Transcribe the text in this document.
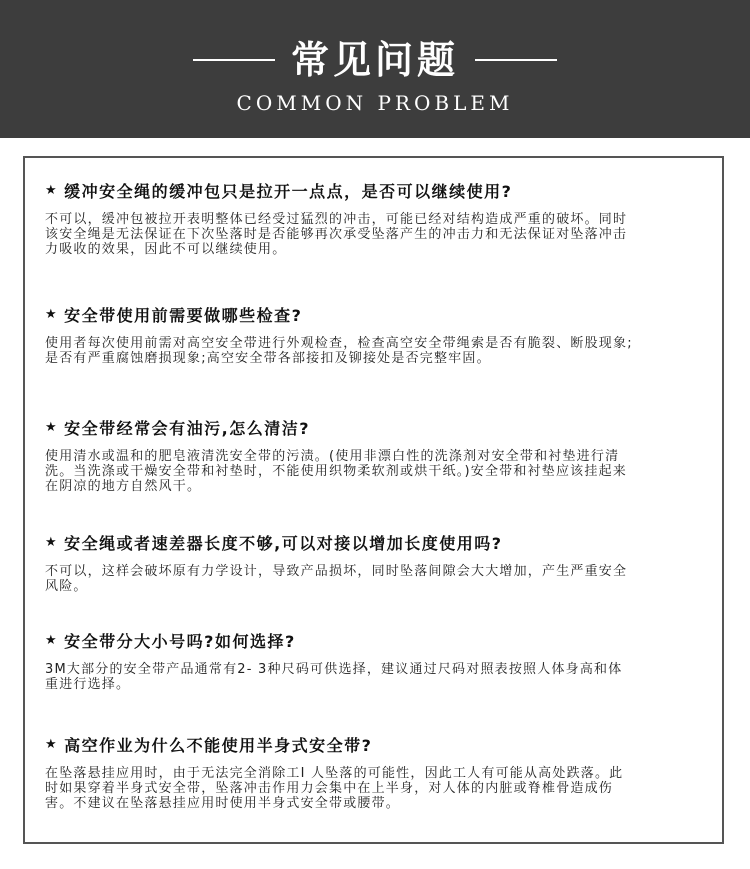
常见问题
COMMON PROBLEM
★ 缓冲安全绳的缓冲包只是拉开一点点，是否可以继续使用?
不可以，缓冲包被拉开表明整体已经受过猛烈的冲击，可能已经对结构造成严重的破坏。同时该安全绳是无法保证在下次坠落时是否能够再次承受坠落产生的冲击力和无法保证对坠落冲击力吸收的效果，因此不可以继续使用。
★ 安全带使用前需要做哪些检查?
使用者每次使用前需对高空安全带进行外观检查，检查高空安全带绳索是否有脆裂、断股现象;是否有严重腐蚀磨损现象;高空安全带各部接扣及铆接处是否完整牢固。
★ 安全带经常会有油污,怎么清洁?
使用清水或温和的肥皂液清洗安全带的污渍。(使用非漂白性的洗涤剂对安全带和衬垫进行清洗。当洗涤或干燥安全带和衬垫时，不能使用织物柔软剂或烘干纸。)安全带和衬垫应该挂起来在阴凉的地方自然风干。
★ 安全绳或者速差器长度不够,可以对接以增加长度使用吗?
不可以，这样会破坏原有力学设计，导致产品损坏，同时坠落间隙会大大增加，产生严重安全风险。
★ 安全带分大小号吗?如何选择?
3M大部分的安全带产品通常有2- 3种尺码可供选择，建议通过尺码对照表按照人体身高和体重进行选择。
★ 高空作业为什么不能使用半身式安全带?
在坠落悬挂应用时，由于无法完全消除工I 人坠落的可能性，因此工人有可能从高处跌落。此时如果穿着半身式安全带，坠落冲击作用力会集中在上半身，对人体的内脏或脊椎骨造成伤害。不建议在坠落悬挂应用时使用半身式安全带或腰带。
